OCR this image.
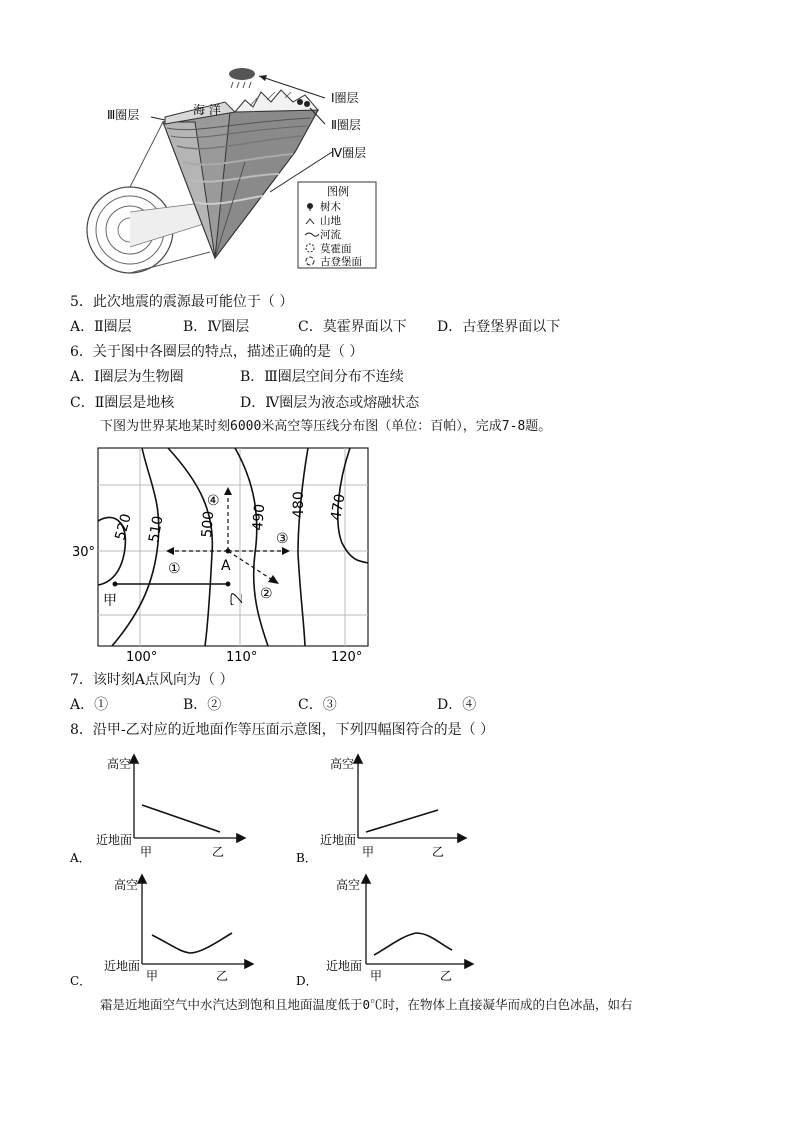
海 洋
Ⅰ圈层
Ⅱ圈层
Ⅲ圈层
Ⅳ圈层
图例
树木
山地
河流
莫霍面
古登堡面
5．此次地震的震源最可能位于（ ）
A．Ⅱ圈层	B．Ⅳ圈层	C．莫霍界面以下 D．古登堡界面以下
6．关于图中各圈层的特点，描述正确的是（ ）
A．Ⅰ圈层为生物圈	B．Ⅲ圈层空间分布不连续
C．Ⅱ圈层是地核	D．Ⅳ圈层为液态或熔融状态
下图为世界某地某时刻6000米高空等压线分布图（单位：百帕），完成7-8题。
520 510 500 490 480 470
30°
100°	110°	120°
A
①
②
③
④
甲	乙
7．该时刻A点风向为（ ）
A．①	B．②	C．③	D．④
8．沿甲-乙对应的近地面作等压面示意图，下列四幅图符合的是（ ）
高空
近地面
甲	乙
A．
高空
近地面
甲	乙
B．
高空
近地面
甲	乙
C．
高空
近地面
甲	乙
D．
霜是近地面空气中水汽达到饱和且地面温度低于0℃时，在物体上直接凝华而成的白色冰晶，如右
